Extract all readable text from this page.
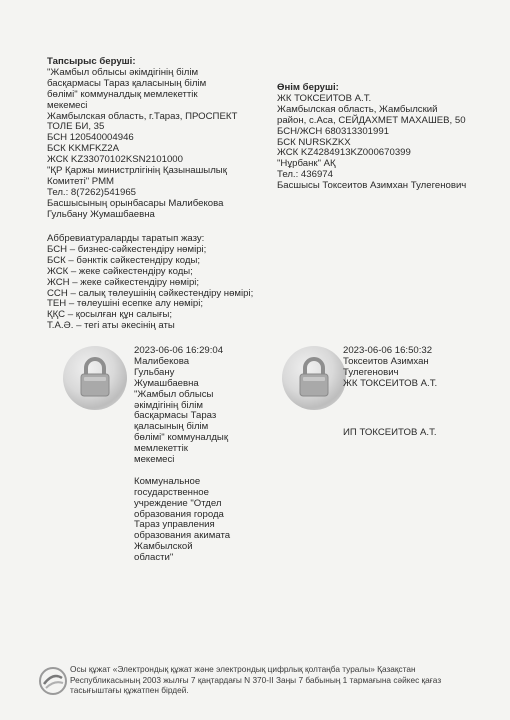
Тапсырыс беруші:
"Жамбыл облысы әкімдігінің білім
басқармасы Тараз қаласының білім
бөлімі" коммуналдық мемлекеттік
мекемесі
Жамбылская область, г.Тараз, ПРОСПЕКТ
ТОЛЕ БИ, 35
БСН 120540004946
БСК KKMFKZ2A
ЖСК KZ33070102KSN2101000
"ҚР Қаржы министрлігінің Қазынашылық
Комитеті" РММ
Тел.: 8(7262)541965
Басшысының орынбасары Малибекова
Гульбану Жумашбаевна
Өнім беруші:
ЖК ТОКСЕИТОВ А.Т.
Жамбылская область, Жамбылский
район, с.Аса, СЕЙДАХМЕТ МАХАШЕВ, 50
БСН/ЖСН 680313301991
БСК NURSKZKX
ЖСК KZ4284913KZ000670399
"Нұрбанк" АҚ
Тел.: 436974
Басшысы Токсеитов Азимхан Тулегенович
Аббревиатураларды таратып жазу:
БСН – бизнес-сәйкестендіру нөмірі;
БСК – бәнктік сәйкестендіру коды;
ЖСК – жеке сәйкестендіру коды;
ЖСН – жеке сәйкестендіру нөмірі;
ССН – салық төлеушінің сәйкестендіру нөмірі;
ТЕН – төлеушіні есепке алу нөмірі;
ҚҚС – қосылған құн салығы;
Т.А.Ә. – тегі аты әкесінің аты
2023-06-06 16:29:04
Малибекова
Гульбану
Жумашбаевна
"Жамбыл облысы
әкімдігінің білім
басқармасы Тараз
қаласының білім
бөлімі" коммуналдық
мемлекеттік
мекемесі
Коммунальное
государственное
учреждение "Отдел
образования города
Тараз управления
образования акимата
Жамбылской
области"
2023-06-06 16:50:32
Токсеитов Азимхан
Тулегенович
ЖК ТОКСЕИТОВ А.Т.
ИП ТОКСЕИТОВ А.Т.
Осы құжат «Электрондық құжат және электрондық цифрлық қолтаңба туралы» Қазақстан
Республикасының 2003 жылғы 7 қаңтардағы N 370-II Заңы 7 бабының 1 тармағына сәйкес қағаз
тасығыштағы құжатпен бірдей.
